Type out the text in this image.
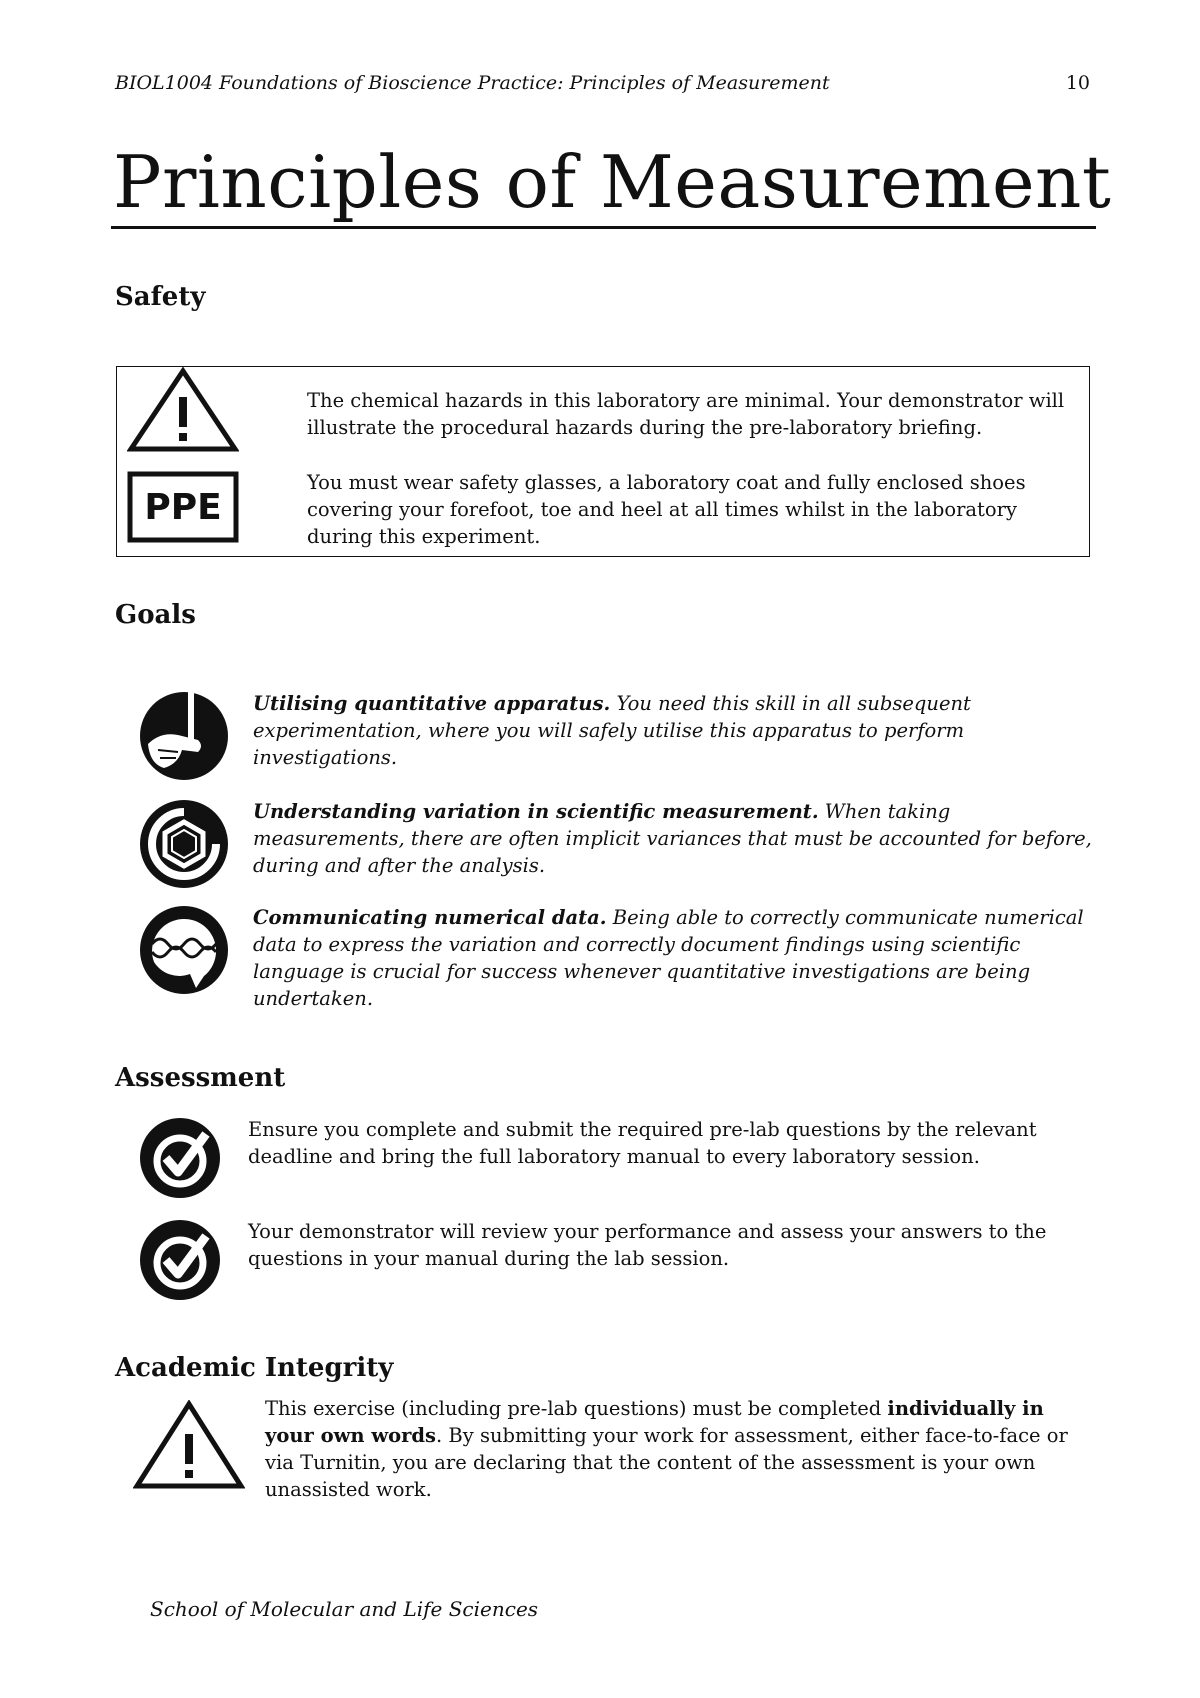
BIOL1004 Foundations of Bioscience Practice: Principles of Measurement	10
Principles of Measurement
Safety
PPE

The chemical hazards in this laboratory are minimal. Your demonstrator will illustrate the procedural hazards during the pre-laboratory briefing.

You must wear safety glasses, a laboratory coat and fully enclosed shoes covering your forefoot, toe and heel at all times whilst in the laboratory during this experiment.

Goals
Utilising quantitative apparatus. You need this skill in all subsequent experimentation, where you will safely utilise this apparatus to perform investigations.
Understanding variation in scientific measurement. When taking measurements, there are often implicit variances that must be accounted for before, during and after the analysis.
Communicating numerical data. Being able to correctly communicate numerical data to express the variation and correctly document findings using scientific language is crucial for success whenever quantitative investigations are being undertaken.
Assessment
Ensure you complete and submit the required pre-lab questions by the relevant deadline and bring the full laboratory manual to every laboratory session.
Your demonstrator will review your performance and assess your answers to the questions in your manual during the lab session.
Academic Integrity
This exercise (including pre-lab questions) must be completed individually in your own words. By submitting your work for assessment, either face-to-face or via Turnitin, you are declaring that the content of the assessment is your own unassisted work.
School of Molecular and Life Sciences
